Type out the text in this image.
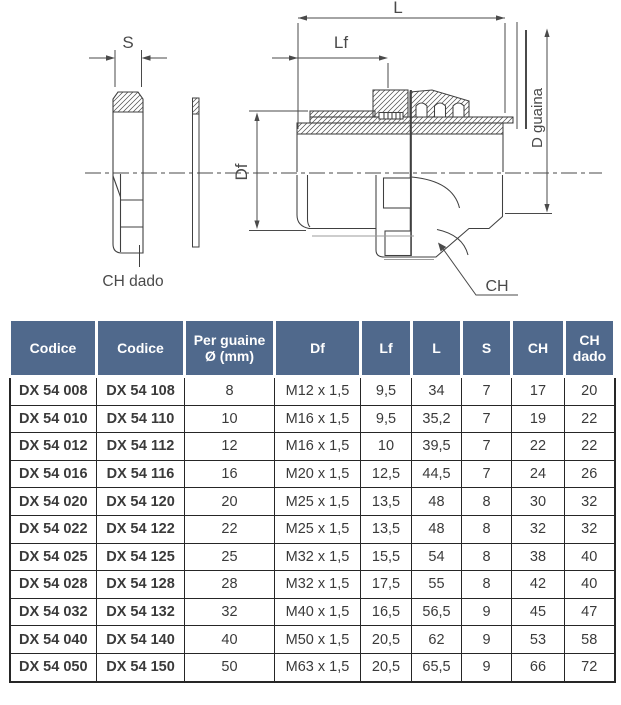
S
CH dado
L
Lf
Df
D guaina
CH
Codice	Codice	Per guaine Ø (mm)	Df	Lf	L	S	CH	CH dado
DX 54 008	DX 54 108	8	M12 x 1,5	9,5	34	7	17	20
DX 54 010	DX 54 110	10	M16 x 1,5	9,5	35,2	7	19	22
DX 54 012	DX 54 112	12	M16 x 1,5	10	39,5	7	22	22
DX 54 016	DX 54 116	16	M20 x 1,5	12,5	44,5	7	24	26
DX 54 020	DX 54 120	20	M25 x 1,5	13,5	48	8	30	32
DX 54 022	DX 54 122	22	M25 x 1,5	13,5	48	8	32	32
DX 54 025	DX 54 125	25	M32 x 1,5	15,5	54	8	38	40
DX 54 028	DX 54 128	28	M32 x 1,5	17,5	55	8	42	40
DX 54 032	DX 54 132	32	M40 x 1,5	16,5	56,5	9	45	47
DX 54 040	DX 54 140	40	M50 x 1,5	20,5	62	9	53	58
DX 54 050	DX 54 150	50	M63 x 1,5	20,5	65,5	9	66	72
